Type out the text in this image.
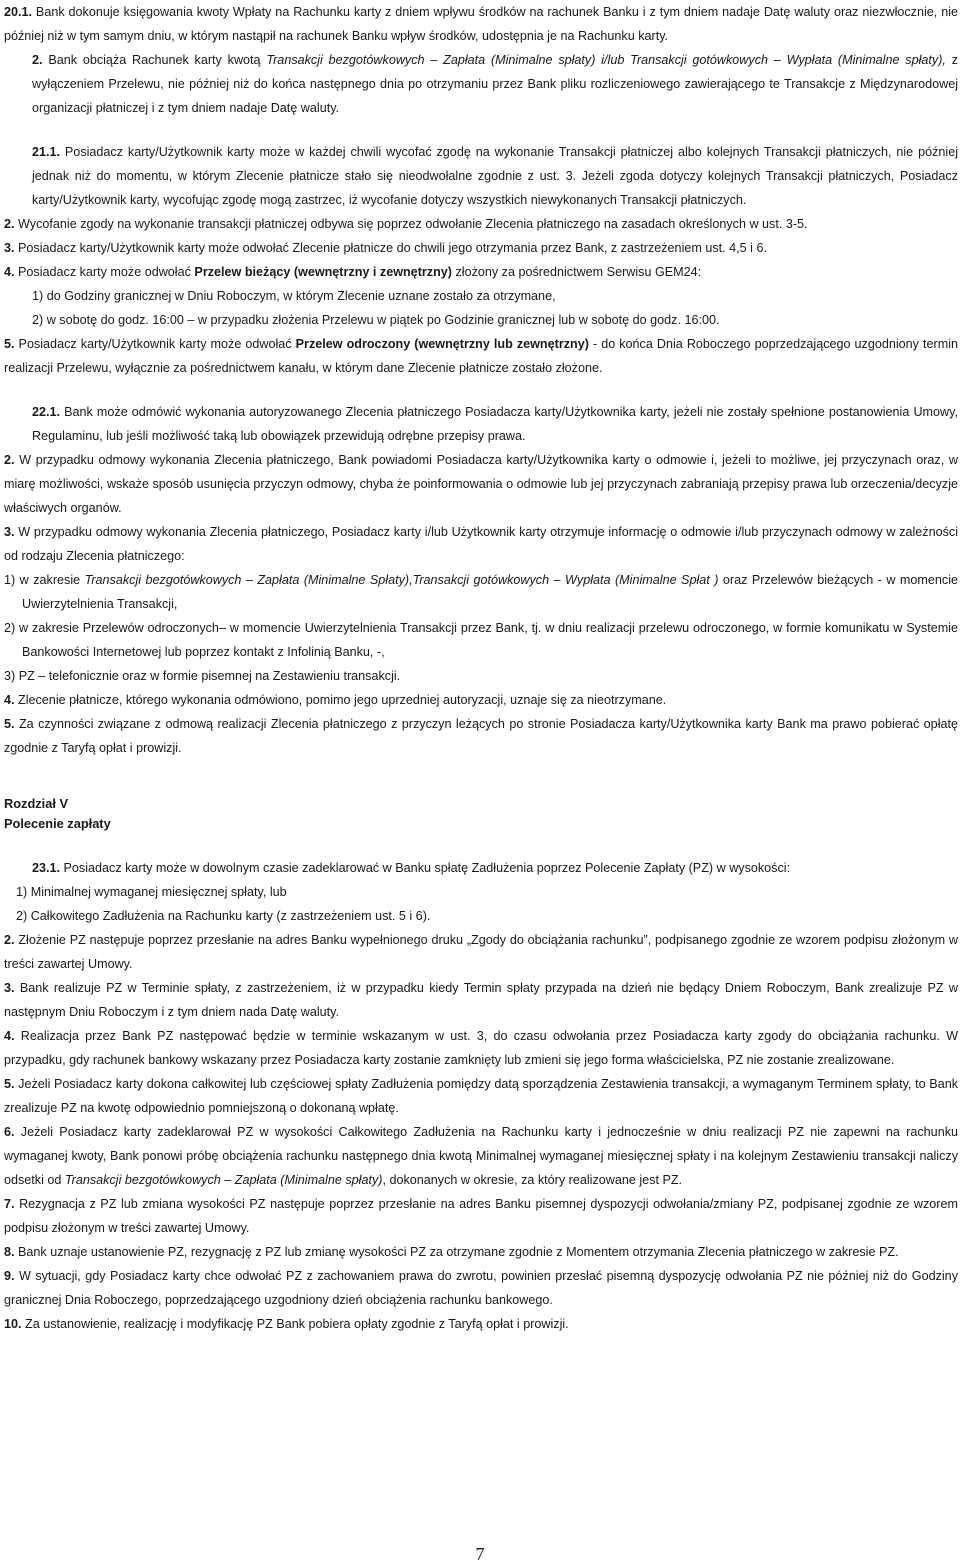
20.1. Bank dokonuje księgowania kwoty Wpłaty na Rachunku karty z dniem wpływu środków na rachunek Banku i z tym dniem nadaje Datę waluty oraz niezwłocznie, nie później niż w tym samym dniu, w którym nastąpił na rachunek Banku wpływ środków, udostępnia je na Rachunku karty.

2. Bank obciąża Rachunek karty kwotą Transakcji bezgotówkowych – Zapłata (Minimalne spłaty) i/lub Transakcji gotówkowych – Wypłata (Minimalne spłaty), z wyłączeniem Przelewu, nie później niż do końca następnego dnia po otrzymaniu przez Bank pliku rozliczeniowego zawierającego te Transakcje z Międzynarodowej organizacji płatniczej i z tym dniem nadaje Datę waluty.

21.1. Posiadacz karty/Użytkownik karty może w każdej chwili wycofać zgodę na wykonanie Transakcji płatniczej albo kolejnych Transakcji płatniczych, nie później jednak niż do momentu, w którym Zlecenie płatnicze stało się nieodwołalne zgodnie z ust. 3. Jeżeli zgoda dotyczy kolejnych Transakcji płatniczych, Posiadacz karty/Użytkownik karty, wycofując zgodę mogą zastrzec, iż wycofanie dotyczy wszystkich niewykonanych Transakcji płatniczych.

2. Wycofanie zgody na wykonanie transakcji płatniczej odbywa się poprzez odwołanie Zlecenia płatniczego na zasadach określonych w ust. 3-5.

3. Posiadacz karty/Użytkownik karty może odwołać Zlecenie płatnicze do chwili jego otrzymania przez Bank, z zastrzeżeniem ust. 4,5 i 6.

4. Posiadacz karty może odwołać Przelew bieżący (wewnętrzny i zewnętrzny) złożony za pośrednictwem Serwisu GEM24:

1) do Godziny granicznej w Dniu Roboczym, w którym Zlecenie uznane zostało za otrzymane,

2) w sobotę do godz. 16:00 – w przypadku złożenia Przelewu w piątek po Godzinie granicznej lub w sobotę do godz. 16:00.

5. Posiadacz karty/Użytkownik karty może odwołać Przelew odroczony (wewnętrzny lub zewnętrzny) - do końca Dnia Roboczego poprzedzającego uzgodniony termin realizacji Przelewu, wyłącznie za pośrednictwem kanału, w którym dane Zlecenie płatnicze zostało złożone.

22.1. Bank może odmówić wykonania autoryzowanego Zlecenia płatniczego Posiadacza karty/Użytkownika karty, jeżeli nie zostały spełnione postanowienia Umowy, Regulaminu, lub jeśli możliwość taką lub obowiązek przewidują odrębne przepisy prawa.

2. W przypadku odmowy wykonania Zlecenia płatniczego, Bank powiadomi Posiadacza karty/Użytkownika karty o odmowie i, jeżeli to możliwe, jej przyczynach oraz, w miarę możliwości, wskaże sposób usunięcia przyczyn odmowy, chyba że poinformowania o odmowie lub jej przyczynach zabraniają przepisy prawa lub orzeczenia/decyzje właściwych organów.

3. W przypadku odmowy wykonania Zlecenia płatniczego, Posiadacz karty i/lub Użytkownik karty otrzymuje informację o odmowie i/lub przyczynach odmowy w zależności od rodzaju Zlecenia płatniczego:

1) w zakresie Transakcji bezgotówkowych – Zapłata (Minimalne Spłaty),Transakcji gotówkowych – Wypłata (Minimalne Spłat ) oraz Przelewów bieżących - w momencie Uwierzytelnienia Transakcji,

2) w zakresie Przelewów odroczonych– w momencie Uwierzytelnienia Transakcji przez Bank, tj. w dniu realizacji przelewu odroczonego, w formie komunikatu w Systemie Bankowości Internetowej lub poprzez kontakt z Infolinią Banku, -,

3) PZ – telefonicznie oraz w formie pisemnej na Zestawieniu transakcji.

4. Zlecenie płatnicze, którego wykonania odmówiono, pomimo jego uprzedniej autoryzacji, uznaje się za nieotrzymane.

5. Za czynności związane z odmową realizacji Zlecenia płatniczego z przyczyn leżących po stronie Posiadacza karty/Użytkownika karty Bank ma prawo pobierać opłatę zgodnie z Taryfą opłat i prowizji.

Rozdział V

Polecenie zapłaty

23.1. Posiadacz karty może w dowolnym czasie zadeklarować w Banku spłatę Zadłużenia poprzez Polecenie Zapłaty (PZ) w wysokości:

1) Minimalnej wymaganej miesięcznej spłaty, lub

2) Całkowitego Zadłużenia na Rachunku karty (z zastrzeżeniem ust. 5 i 6).

2. Złożenie PZ następuje poprzez przesłanie na adres Banku wypełnionego druku „Zgody do obciążania rachunku”, podpisanego zgodnie ze wzorem podpisu złożonym w treści zawartej Umowy.

3. Bank realizuje PZ w Terminie spłaty, z zastrzeżeniem, iż w przypadku kiedy Termin spłaty przypada na dzień nie będący Dniem Roboczym, Bank zrealizuje PZ w następnym Dniu Roboczym i z tym dniem nada Datę waluty.

4. Realizacja przez Bank PZ następować będzie w terminie wskazanym w ust. 3, do czasu odwołania przez Posiadacza karty zgody do obciążania rachunku. W przypadku, gdy rachunek bankowy wskazany przez Posiadacza karty zostanie zamknięty lub zmieni się jego forma właścicielska, PZ nie zostanie zrealizowane.

5. Jeżeli Posiadacz karty dokona całkowitej lub częściowej spłaty Zadłużenia pomiędzy datą sporządzenia Zestawienia transakcji, a wymaganym Terminem spłaty, to Bank zrealizuje PZ na kwotę odpowiednio pomniejszoną o dokonaną wpłatę.

6. Jeżeli Posiadacz karty zadeklarował PZ w wysokości Całkowitego Zadłużenia na Rachunku karty i jednocześnie w dniu realizacji PZ nie zapewni na rachunku wymaganej kwoty, Bank ponowi próbę obciążenia rachunku następnego dnia kwotą Minimalnej wymaganej miesięcznej spłaty i na kolejnym Zestawieniu transakcji naliczy odsetki od Transakcji bezgotówkowych – Zapłata (Minimalne spłaty), dokonanych w okresie, za który realizowane jest PZ.

7. Rezygnacja z PZ lub zmiana wysokości PZ następuje poprzez przesłanie na adres Banku pisemnej dyspozycji odwołania/zmiany PZ, podpisanej zgodnie ze wzorem podpisu złożonym w treści zawartej Umowy.

8. Bank uznaje ustanowienie PZ, rezygnację z PZ lub zmianę wysokości PZ za otrzymane zgodnie z Momentem otrzymania Zlecenia płatniczego w zakresie PZ.

9. W sytuacji, gdy Posiadacz karty chce odwołać PZ z zachowaniem prawa do zwrotu, powinien przesłać pisemną dyspozycję odwołania PZ nie później niż do Godziny granicznej Dnia Roboczego, poprzedzającego uzgodniony dzień obciążenia rachunku bankowego.

10. Za ustanowienie, realizację i modyfikację PZ Bank pobiera opłaty zgodnie z Taryfą opłat i prowizji.

7
